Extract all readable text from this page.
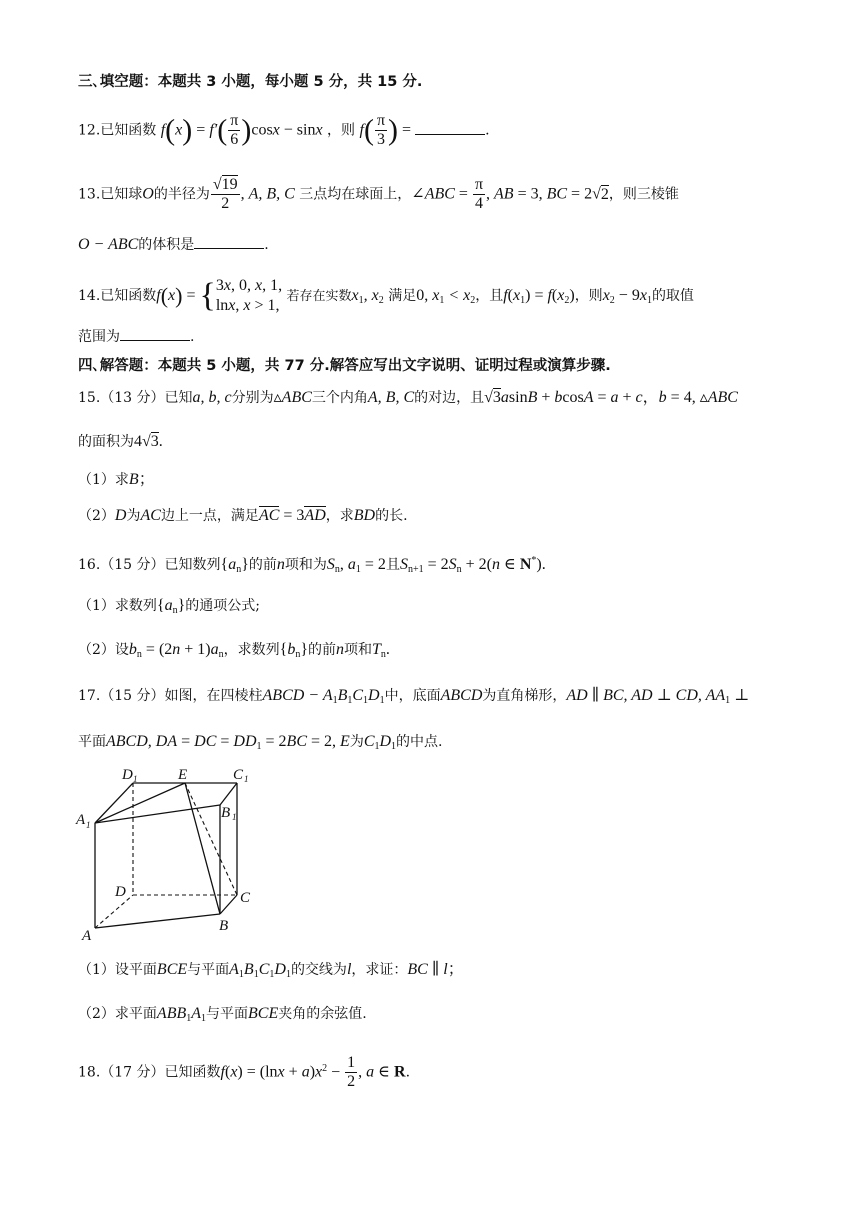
三､填空题：本题共 3 小题，每小题 5 分，共 15 分.
12.已知函数 $f(x) = f'( \frac{\pi}{6} )\cos x - \sin x$ ，则 $f( \frac{\pi}{3}$ ) =	.
13.已知球O的半径为 $\frac{√19}{2}$ , A, B, C 三点均在球面上，∠ABC = $\frac{\pi}{4}$ , AB = 3, BC = 2√2，则三棱锥
O − ABC的体积是	.
14.已知函数f(x) = { 3x, 0, x, 1,
lnx, x > 1,
若存在实数$x_1$, $x_2$ 满足0, $x_1 < x_2$，且$f(x_1) = f(x_2)$，则$x_2 - 9x_1$的取值
范围为	.
四､解答题：本题共 5 小题，共 77 分.解答应写出文字说明、证明过程或演算步骤.
15.（13 分）已知a, b, c分别为▵ABC三个内角A, B, C的对边，且√3asinB + bcosA = a + c，b = 4, ▵ABC
的面积为4√3.
（1）求B；
（2）D为AC边上一点，满足AC = 3AD，求BD的长.
16.（15 分）已知数列$\{a_n\}$的前n项和为$S_n$, $a_1 = 2$且$S_{n+1} = 2S_n + 2(n$ ∈ N*).
（1）求数列$\{a_n\}$的通项公式;
（2）设$b_n = (2n + 1)a_n$，求数列$\{b_n\}$的前n项和$T_n$.
17.（15 分）如图，在四棱柱ABCD − $A_1B_1C_1D_1$中，底面ABCD为直角梯形，AD ∥ BC, AD ⊥ CD, $AA_1$ ⊥
平面ABCD, DA = DC = $DD_1 = 2BC = 2$, E为$C_1D_1$的中点.
D 1	E	C 1
A 1
B 1
D	C
A
B
（1）设平面BCE与平面$A_1B_1C_1D_1$的交线为l，求证：BC ∥ l；
（2）求平面$ABB_1A_1$与平面BCE夹角的余弦值.
18.（17 分）已知函数$f(x) = (\ln x + a)x^2 - \frac{1}{2}$ , a ∈ R.
